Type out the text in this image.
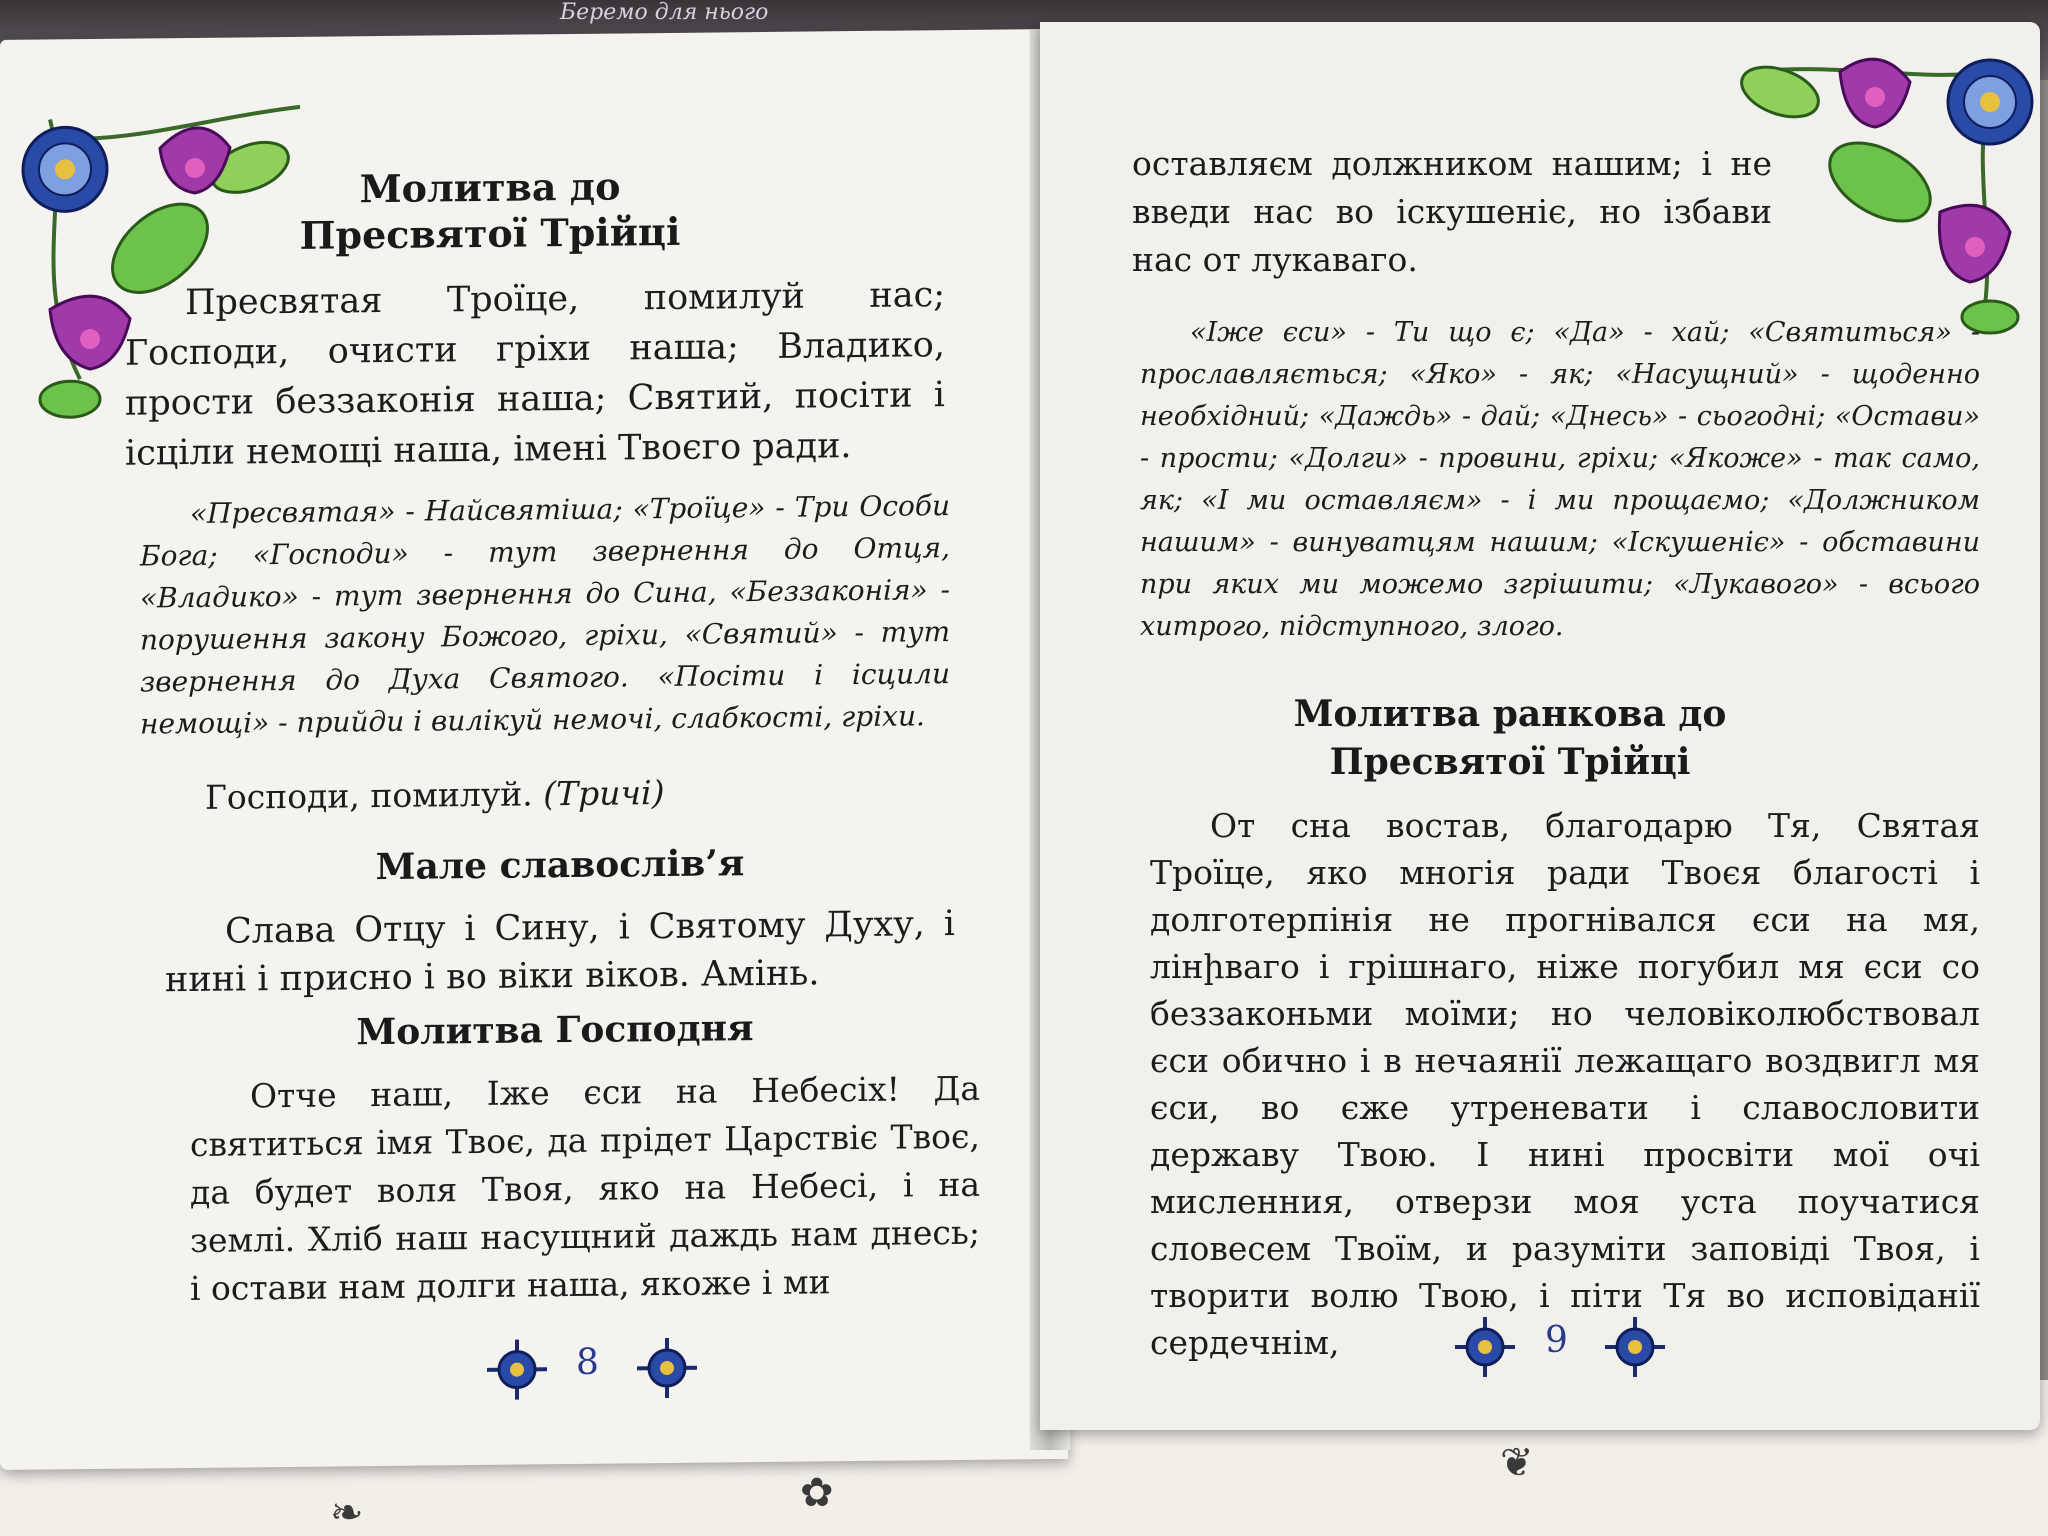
Беремо для нього
❧	✿
❦
Молитва до Пресвятої Трійці
Пресвятая Троїце, помилуй нас; Господи, очисти гріхи наша; Владико, прости беззаконія наша; Святий, посіти і ісціли немощі наша, імені Твоєго ради.
«Пресвятая» - Найсвятіша; «Троїце» - Три Особи Бога; «Господи» - тут звернення до Отця, «Владико» - тут звернення до Сина, «Беззаконія» - порушення закону Божого, гріхи, «Святий» - тут звернення до Духа Святого. «Посіти і ісцили немощі» - прийди і вилікуй немочі, слабкості, гріхи.
Господи, помилуй. (Тричі)
Мале славослів’я
Слава Отцу і Сину, і Святому Духу, і нині і присно і во віки віков. Амінь.
Молитва Господня
Отче наш, Іже єси на Небесіх! Да святиться імя Твоє, да прідет Царствіє Твоє, да будет воля Твоя, яко на Небесі, і на землі. Хліб наш насущний даждь нам днесь; і остави нам долги наша, якоже і ми
8
оставляєм должником нашим; і не введи нас во іскушеніє, но ізбави нас от лукаваго.
«Іже єси» - Ти що є; «Да» - хай; «Святиться» - прославляється; «Яко» - як; «Насущний» - щоденно необхідний; «Даждь» - дай; «Днесь» - сьогодні; «Остави» - прости; «Долги» - провини, гріхи; «Якоже» - так само, як; «І ми оставляєм» - і ми прощаємо; «Должником нашим» - винуватцям нашим; «Іскушеніє» - обставини при яких ми можемо згрішити; «Лукавого» - всього хитрого, підступного, злого.
Молитва ранкова до Пресвятої Трійці
От сна востав, благодарю Тя, Святая Троїце, яко многія ради Твоєя благості і долготерпінія не прогнівался єси на мя, лінիваго і грішнаго, ніже погубил мя єси со беззаконьми моїми; но человіколюбствовал єси обично і в нечаянії лежащаго воздвигл мя єси, во єже утреневати і славословити державу Твою. І нині просвіти мої очі мисленния, отверзи моя уста поучатися словесем Твоїм, и разуміти заповіді Твоя, і творити волю Твою, і піти Тя во исповіданії сердечнім,	9
